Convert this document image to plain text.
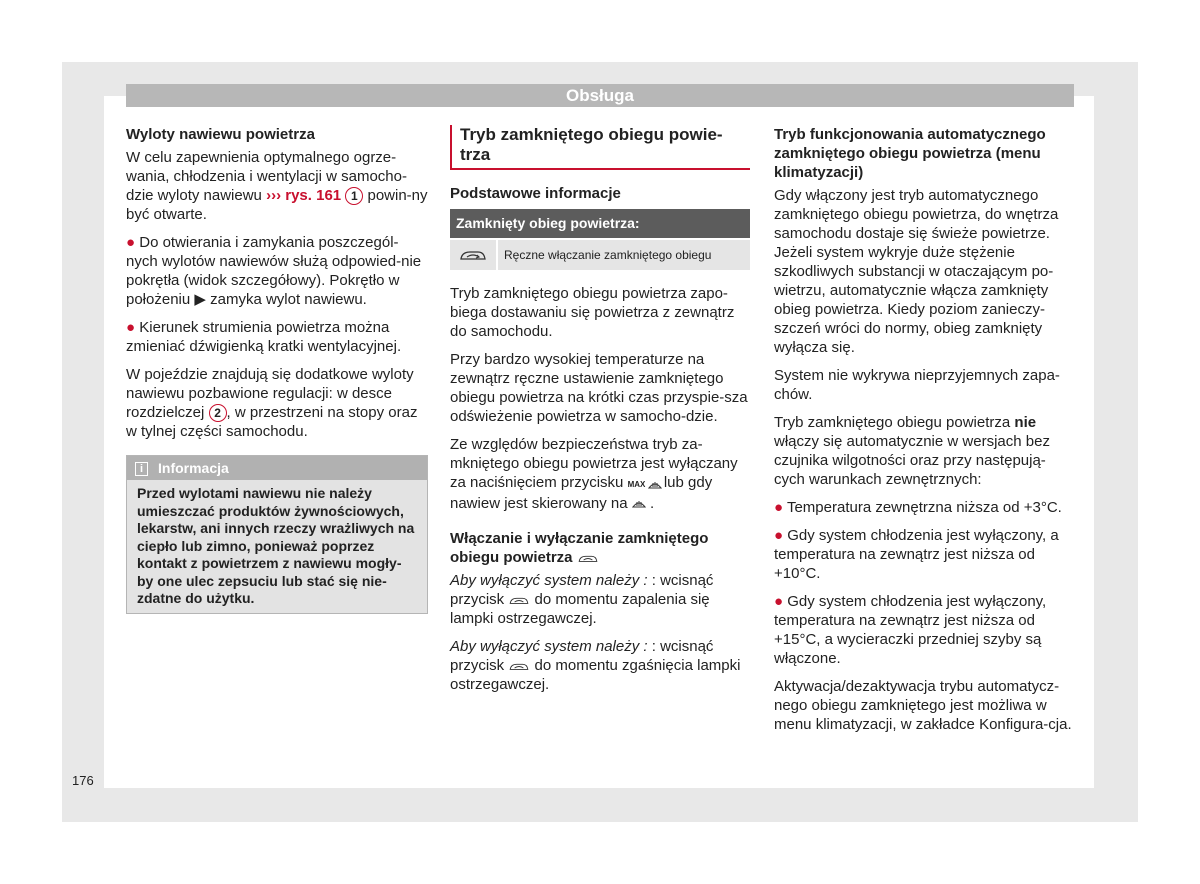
Obsługa
Wyloty nawiewu powietrza

W celu zapewnienia optymalnego ogrze-wania, chłodzenia i wentylacji w samocho-dzie wyloty nawiewu ››› rys. 161 1 powin-ny być otwarte.

● Do otwierania i zamykania poszczegól-nych wylotów nawiewów służą odpowied-nie pokrętła (widok szczegółowy). Pokrętło w położeniu ▶ zamyka wylot nawiewu.

● Kierunek strumienia powietrza można zmieniać dźwigienką kratki wentylacyjnej.

W pojeździe znajdują się dodatkowe wyloty nawiewu pozbawione regulacji: w desce rozdzielczej 2 , w przestrzeni na stopy oraz w tylnej części samochodu.

i Informacja
Przed wylotami nawiewu nie należy umieszczać produktów żywnościowych, lekarstw, ani innych rzeczy wrażliwych na ciepło lub zimno, ponieważ poprzez kontakt z powietrzem z nawiewu mogły-by one ulec zepsuciu lub stać się nie-zdatne do użytku.
Tryb zamkniętego obiegu powie-trza
Podstawowe informacje
Zamknięty obieg powietrza:
Ręczne włączanie zamkniętego obiegu

Tryb zamkniętego obiegu powietrza zapo-biega dostawaniu się powietrza z zewnątrz do samochodu.

Przy bardzo wysokiej temperaturze na zewnątrz ręczne ustawienie zamkniętego obiegu powietrza na krótki czas przyspie-sza odświeżenie powietrza w samocho-dzie.

Ze względów bezpieczeństwa tryb za-mkniętego obiegu powietrza jest wyłączany za naciśnięciem przycisku MAX lub gdy nawiew jest skierowany na .

Włączanie i wyłączanie zamkniętego obiegu powietrza

Aby wyłączyć system należy : : wcisnąć przycisk do momentu zapalenia się lampki ostrzegawczej.

Aby wyłączyć system należy : : wcisnąć przycisk do momentu zgaśnięcia lampki ostrzegawczej.

Tryb funkcjonowania automatycznego zamkniętego obiegu powietrza (menu klimatyzacji)

Gdy włączony jest tryb automatycznego zamkniętego obiegu powietrza, do wnętrza samochodu dostaje się świeże powietrze. Jeżeli system wykryje duże stężenie szkodliwych substancji w otaczającym po-wietrzu, automatycznie włącza zamknięty obieg powietrza. Kiedy poziom zanieczy-szczeń wróci do normy, obieg zamknięty wyłącza się.

System nie wykrywa nieprzyjemnych zapa-chów.

Tryb zamkniętego obiegu powietrza nie włączy się automatycznie w wersjach bez czujnika wilgotności oraz przy następują-cych warunkach zewnętrznych:

● Temperatura zewnętrzna niższa od +3°C.

● Gdy system chłodzenia jest wyłączony, a temperatura na zewnątrz jest niższa od +10°C.

● Gdy system chłodzenia jest wyłączony, temperatura na zewnątrz jest niższa od +15°C, a wycieraczki przedniej szyby są włączone.

Aktywacja/dezaktywacja trybu automatycz-nego obiegu zamkniętego jest możliwa w menu klimatyzacji, w zakładce Konfigura-cja.

176
